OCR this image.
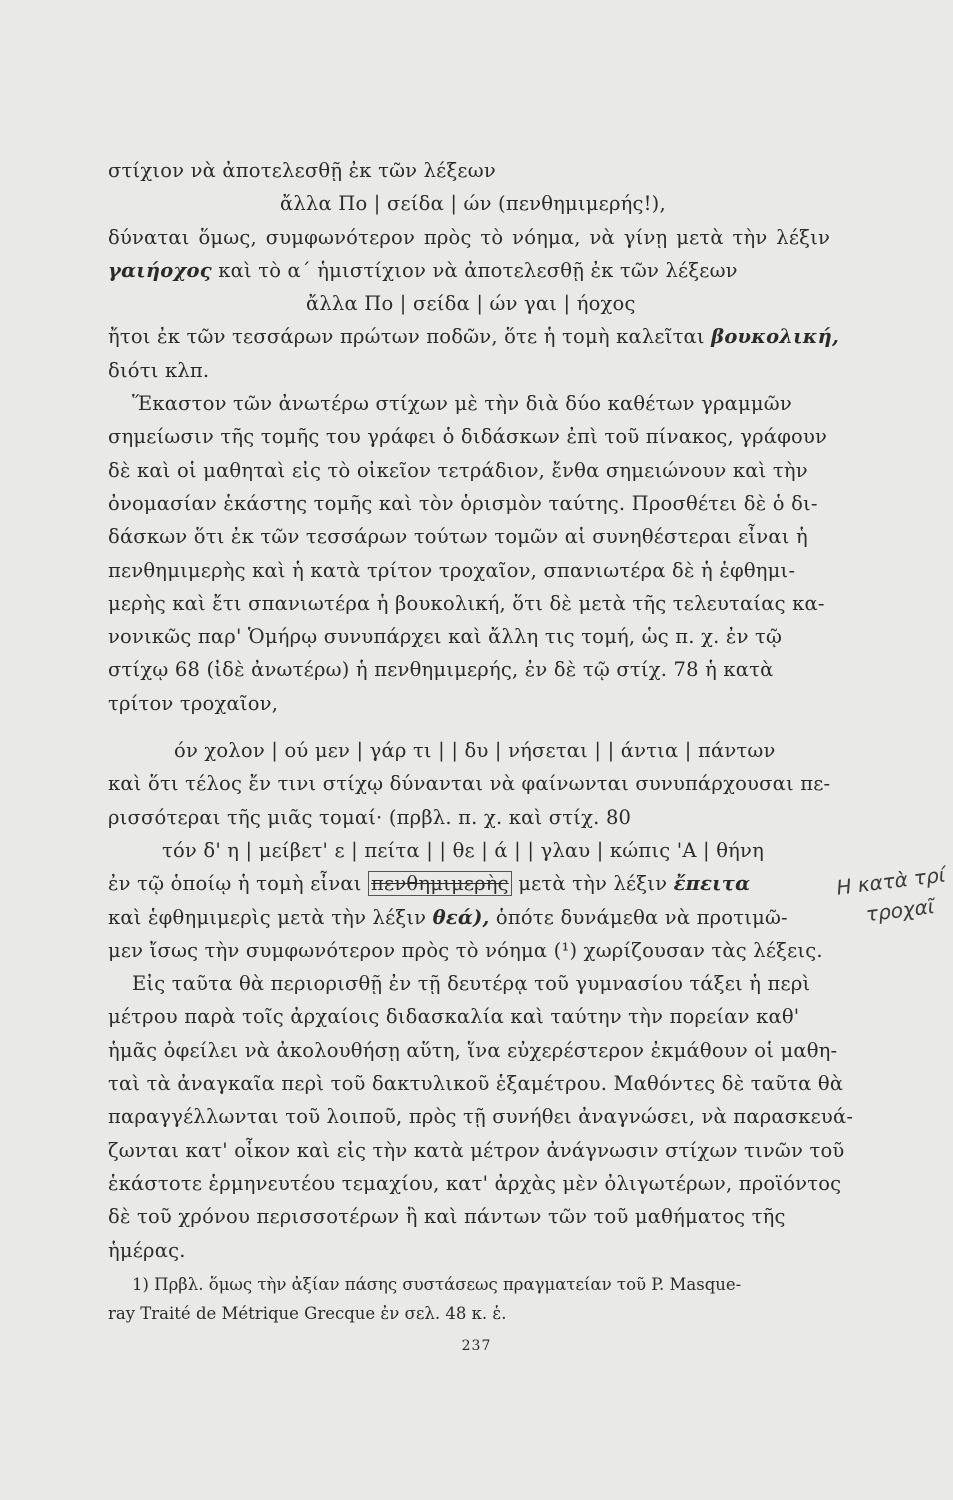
στίχιον νὰ ἀποτελεσθῇ ἐκ τῶν λέξεων
ἄλλα Πο | σείδα | ών (πενθημιμερής!),
δύναται ὅμως, συμφωνότερον πρὸς τὸ νόημα, νὰ γίνῃ μετὰ τὴν λέξιν
γαιήοχος καὶ τὸ α΄ ἡμιστίχιον νὰ ἀποτελεσθῇ ἐκ τῶν λέξεων
ἄλλα Πο | σείδα | ών γαι | ήοχος
ἤτοι ἐκ τῶν τεσσάρων πρώτων ποδῶν, ὅτε ἡ τομὴ καλεῖται βουκολική,
διότι κλπ.
Ἕκαστον τῶν ἀνωτέρω στίχων μὲ τὴν διὰ δύο καθέτων γραμμῶν
σημείωσιν τῆς τομῆς του γράφει ὁ διδάσκων ἐπὶ τοῦ πίνακος, γράφουν
δὲ καὶ οἱ μαθηταὶ εἰς τὸ οἰκεῖον τετράδιον, ἔνθα σημειώνουν καὶ τὴν
ὀνομασίαν ἑκάστης τομῆς καὶ τὸν ὁρισμὸν ταύτης. Προσθέτει δὲ ὁ δι-
δάσκων ὅτι ἐκ τῶν τεσσάρων τούτων τομῶν αἱ συνηθέστεραι εἶναι ἡ
πενθημιμερὴς καὶ ἡ κατὰ τρίτον τροχαῖον, σπανιωτέρα δὲ ἡ ἑφθημι-
μερὴς καὶ ἔτι σπανιωτέρα ἡ βουκολική, ὅτι δὲ μετὰ τῆς τελευταίας κα-
νονικῶς παρ' Ὁμήρῳ συνυπάρχει καὶ ἄλλη τις τομή, ὡς π. χ. ἐν τῷ
στίχῳ 68 (ἰδὲ ἀνωτέρω) ἡ πενθημιμερής, ἐν δὲ τῷ στίχ. 78 ἡ κατὰ
τρίτον τροχαῖον,
όν χολον | ού μεν | γάρ τι | | δυ | νήσεται | | άντια | πάντων
καὶ ὅτι τέλος ἔν τινι στίχῳ δύνανται νὰ φαίνωνται συνυπάρχουσαι πε-
ρισσότεραι τῆς μιᾶς τομαί· (πρβλ. π. χ. καὶ στίχ. 80
τόν δ' η | μείβετ' ε | πείτα | | θε | ά | | γλαυ | κώπις 'Α | θήνη
ἐν τῷ ὁποίῳ ἡ τομὴ εἶναι πενθημιμερὴς μετὰ τὴν λέξιν ἔπειτα
καὶ ἑφθημιμερὶς μετὰ τὴν λέξιν θεά), ὁπότε δυνάμεθα νὰ προτιμῶ-
μεν ἴσως τὴν συμφωνότερον πρὸς τὸ νόημα (¹) χωρίζουσαν τὰς λέξεις.
Εἰς ταῦτα θὰ περιορισθῇ ἐν τῇ δευτέρᾳ τοῦ γυμνασίου τάξει ἡ περὶ
μέτρου παρὰ τοῖς ἀρχαίοις διδασκαλία καὶ ταύτην τὴν πορείαν καθ'
ἡμᾶς ὀφείλει νὰ ἀκολουθήσῃ αὕτη, ἵνα εὐχερέστερον ἐκμάθουν οἱ μαθη-
ταὶ τὰ ἀναγκαῖα περὶ τοῦ δακτυλικοῦ ἑξαμέτρου. Μαθόντες δὲ ταῦτα θὰ
παραγγέλλωνται τοῦ λοιποῦ, πρὸς τῇ συνήθει ἀναγνώσει, νὰ παρασκευά-
ζωνται κατ' οἶκον καὶ εἰς τὴν κατὰ μέτρον ἀνάγνωσιν στίχων τινῶν τοῦ
ἑκάστοτε ἑρμηνευτέου τεμαχίου, κατ' ἀρχὰς μὲν ὀλιγωτέρων, προϊόντος
δὲ τοῦ χρόνου περισσοτέρων ἢ καὶ πάντων τῶν τοῦ μαθήματος τῆς
ἡμέρας.
1) Πρβλ. ὅμως τὴν ἀξίαν πάσης συστάσεως πραγματείαν τοῦ P. Masque-
ray Traité de Métrique Grecque ἐν σελ. 48 κ. ἑ.
237
Η κατὰ τρί
τροχαῖ
